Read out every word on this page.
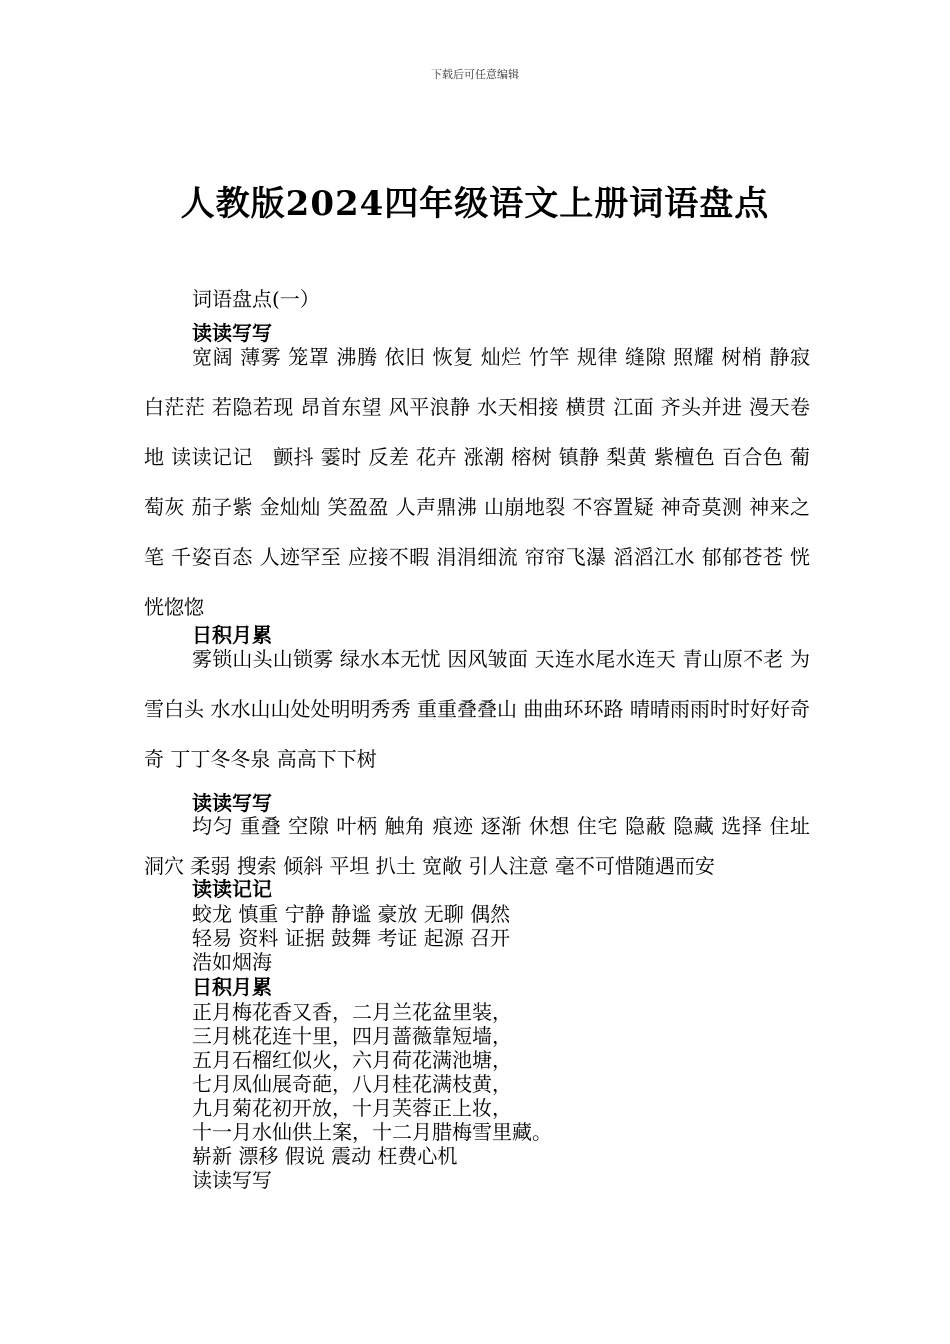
下载后可任意编辑
人教版2024四年级语文上册词语盘点
词语盘点(一）
读读写写
宽阔 薄雾 笼罩 沸腾 依旧 恢复 灿烂 竹竿 规律 缝隙 照耀 树梢 静寂 白茫茫 若隐若现 昂首东望 风平浪静 水天相接 横贯 江面 齐头并进 漫天卷地 读读记记　颤抖 霎时 反差 花卉 涨潮 榕树 镇静 梨黄 紫檀色 百合色 葡萄灰 茄子紫 金灿灿 笑盈盈 人声鼎沸 山崩地裂 不容置疑 神奇莫测 神来之笔 千姿百态 人迹罕至 应接不暇 涓涓细流 帘帘飞瀑 滔滔江水 郁郁苍苍 恍恍惚惚
日积月累
雾锁山头山锁雾 绿水本无忧 因风皱面 天连水尾水连天 青山原不老 为雪白头 水水山山处处明明秀秀 重重叠叠山 曲曲环环路 晴晴雨雨时时好好奇奇 丁丁冬冬泉 高高下下树
读读写写
均匀 重叠 空隙 叶柄 触角 痕迹 逐渐 休想 住宅 隐蔽 隐藏 选择 住址 洞穴 柔弱 搜索 倾斜 平坦 扒土 宽敞 引人注意 毫不可惜随遇而安
读读记记
蛟龙 慎重 宁静 静谧 豪放 无聊 偶然
轻易 资料 证据 鼓舞 考证 起源 召开
浩如烟海
日积月累
正月梅花香又香，二月兰花盆里装，
三月桃花连十里，四月蔷薇靠短墙，
五月石榴红似火，六月荷花满池塘，
七月凤仙展奇葩，八月桂花满枝黄，
九月菊花初开放，十月芙蓉正上妆，
十一月水仙供上案，十二月腊梅雪里藏。
崭新 漂移 假说 震动 枉费心机
读读写写
